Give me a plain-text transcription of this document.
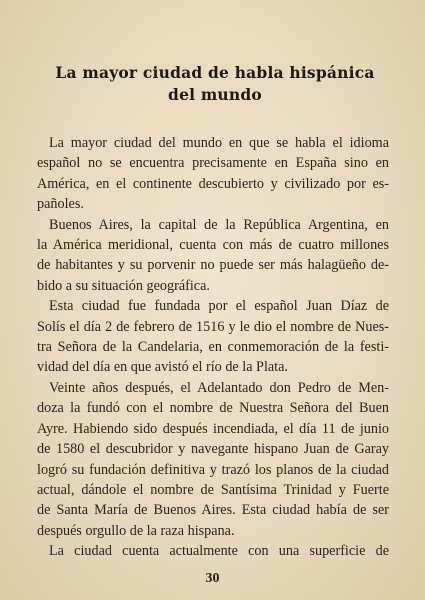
La mayor ciudad de habla hispánica
del mundo
La mayor ciudad del mundo en que se habla el idioma
español no se encuentra precisamente en España sino en
América, en el continente descubierto y civilizado por es-
pañoles.
Buenos Aires, la capital de la República Argentina, en
la América meridional, cuenta con más de cuatro millones
de habitantes y su porvenir no puede ser más halagüeño de-
bido a su situación geográfica.
Esta ciudad fue fundada por el español Juan Díaz de
Solís el día 2 de febrero de 1516 y le dio el nombre de Nues-
tra Señora de la Candelaria, en conmemoración de la festi-
vidad del día en que avistó el río de la Plata.
Veinte años después, el Adelantado don Pedro de Men-
doza la fundó con el nombre de Nuestra Señora del Buen
Ayre. Habiendo sido después incendiada, el día 11 de junio
de 1580 el descubridor y navegante hispano Juan de Garay
logró su fundación definitiva y trazó los planos de la ciudad
actual, dándole el nombre de Santísima Trinidad y Fuerte
de Santa María de Buenos Aires. Esta ciudad había de ser
después orgullo de la raza hispana.
La ciudad cuenta actualmente con una superficie de
30
